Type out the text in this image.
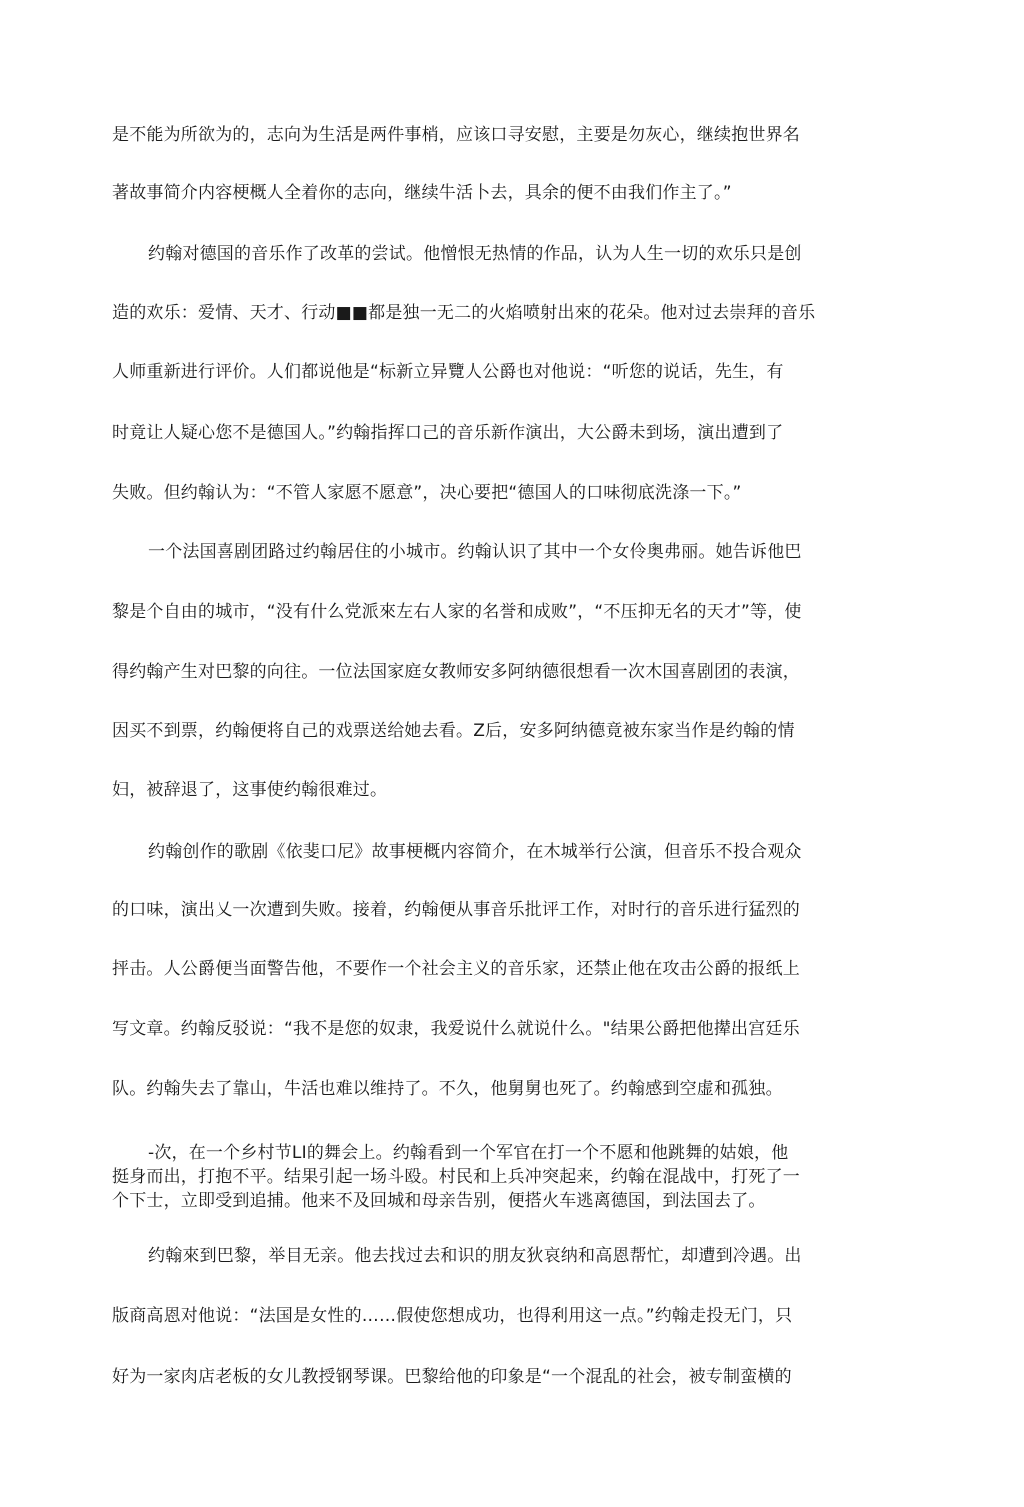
是不能为所欲为的，志向为生活是两件事梢，应该口寻安慰，主要是勿灰心，继续抱世界名
著故事简介内容梗概人全着你的志向，继续牛活卜去，具余的便不由我们作主了。”
约翰对德国的音乐作了改革的尝试。他憎恨无热情的作品，认为人生一切的欢乐只是创
造的欢乐：爱情、天才、行动■■都是独一无二的火焰喷射出來的花朵。他对过去崇拜的音乐
人师重新进行评价。人们都说他是“标新立异覽人公爵也对他说：“听您的说话，先生，有
时竟让人疑心您不是德国人。”约翰指挥口己的音乐新作演出，大公爵未到场，演出遭到了
失败。但约翰认为：“不管人家愿不愿意”，决心要把“德国人的口味彻底洗涤一下。”
一个法国喜剧团路过约翰居住的小城市。约翰认识了其中一个女伶奥弗丽。她告诉他巴
黎是个自由的城市，“没有什么党派來左右人家的名誉和成败”，“不压抑无名的天才”等，使
得约翰产生对巴黎的向往。一位法国家庭女教师安多阿纳德很想看一次木国喜剧团的表演，
因买不到票，约翰便将自己的戏票送给她去看。Z后，安多阿纳德竟被东家当作是约翰的情
妇，被辞退了，这事使约翰很难过。
约翰创作的歌剧《依斐口尼》故事梗概内容简介，在木城举行公演，但音乐不投合观众
的口味，演出乂一次遭到失败。接着，约翰便从事音乐批评工作，对时行的音乐进行猛烈的
抨击。人公爵便当面警告他，不要作一个社会主义的音乐家，还禁止他在攻击公爵的报纸上
写文章。约翰反驳说：“我不是您的奴隶，我爱说什么就说什么。"结果公爵把他撵出宫廷乐
队。约翰失去了靠山，牛活也难以维持了。不久，他舅舅也死了。约翰感到空虚和孤独。
-次，在一个乡村节LI的舞会上。约翰看到一个军官在打一个不愿和他跳舞的姑娘，他
挺身而出，打抱不平。结果引起一场斗殴。村民和上兵冲突起来，约翰在混战中，打死了一
个下士，立即受到追捕。他来不及回城和母亲告别，便搭火车逃离德国，到法国去了。
约翰來到巴黎，举目无亲。他去找过去和识的朋友狄哀纳和高恩帮忙，却遭到冷遇。出
版商高恩对他说：“法国是女性的……假使您想成功，也得利用这一点。”约翰走投无门，只
好为一家肉店老板的女儿教授钢琴课。巴黎给他的印象是“一个混乱的社会，被专制蛮横的
